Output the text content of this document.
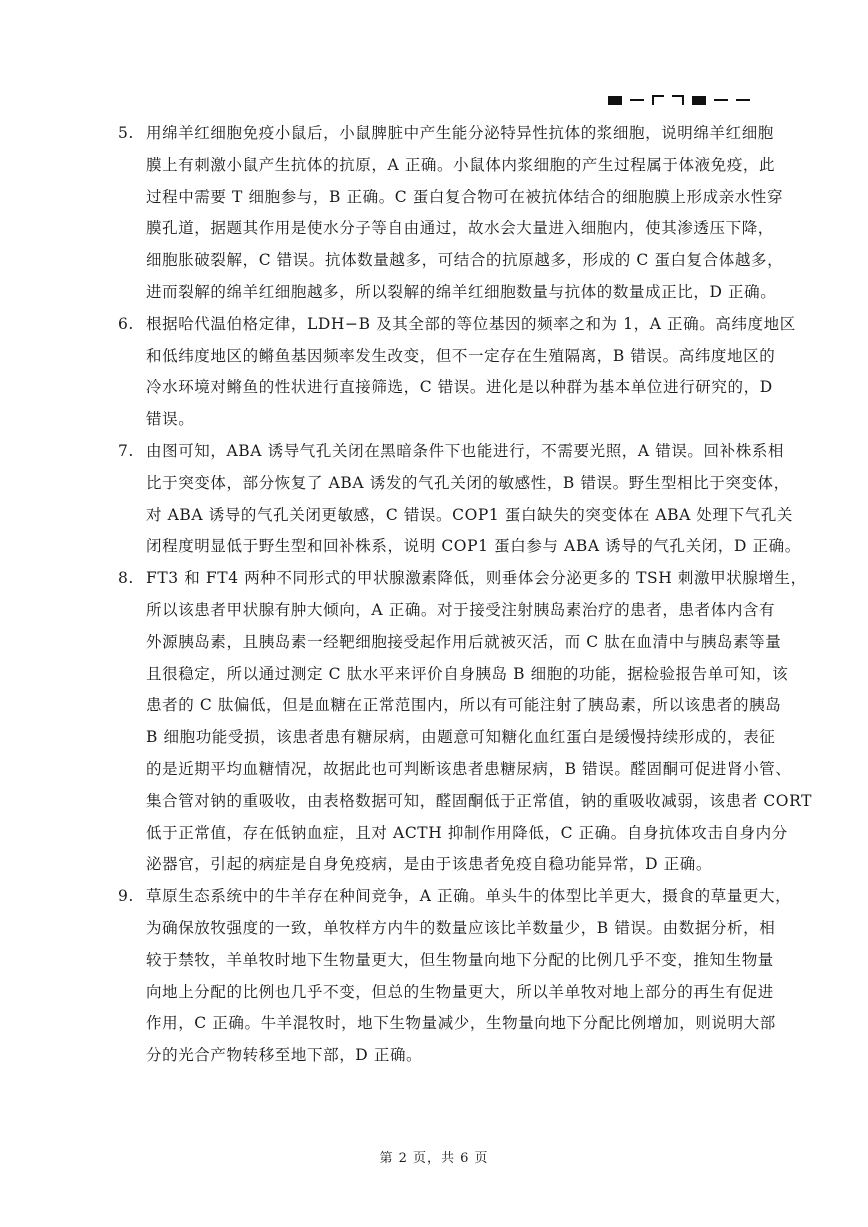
5. 用绵羊红细胞免疫小鼠后，小鼠脾脏中产生能分泌特异性抗体的浆细胞，说明绵羊红细胞
膜上有刺激小鼠产生抗体的抗原，A 正确。小鼠体内浆细胞的产生过程属于体液免疫，此
过程中需要 T 细胞参与，B 正确。C 蛋白复合物可在被抗体结合的细胞膜上形成亲水性穿
膜孔道，据题其作用是使水分子等自由通过，故水会大量进入细胞内，使其渗透压下降，
细胞胀破裂解，C 错误。抗体数量越多，可结合的抗原越多，形成的 C 蛋白复合体越多，
进而裂解的绵羊红细胞越多，所以裂解的绵羊红细胞数量与抗体的数量成正比，D 正确。
6. 根据哈代温伯格定律，LDH−B 及其全部的等位基因的频率之和为 1，A 正确。高纬度地区
和低纬度地区的鳉鱼基因频率发生改变，但不一定存在生殖隔离，B 错误。高纬度地区的
冷水环境对鳉鱼的性状进行直接筛选，C 错误。进化是以种群为基本单位进行研究的，D
错误。
7. 由图可知，ABA 诱导气孔关闭在黑暗条件下也能进行，不需要光照，A 错误。回补株系相
比于突变体，部分恢复了 ABA 诱发的气孔关闭的敏感性，B 错误。野生型相比于突变体，
对 ABA 诱导的气孔关闭更敏感，C 错误。COP1 蛋白缺失的突变体在 ABA 处理下气孔关
闭程度明显低于野生型和回补株系，说明 COP1 蛋白参与 ABA 诱导的气孔关闭，D 正确。
8. FT3 和 FT4 两种不同形式的甲状腺激素降低，则垂体会分泌更多的 TSH 刺激甲状腺增生，
所以该患者甲状腺有肿大倾向，A 正确。对于接受注射胰岛素治疗的患者，患者体内含有
外源胰岛素，且胰岛素一经靶细胞接受起作用后就被灭活，而 C 肽在血清中与胰岛素等量
且很稳定，所以通过测定 C 肽水平来评价自身胰岛 B 细胞的功能，据检验报告单可知，该
患者的 C 肽偏低，但是血糖在正常范围内，所以有可能注射了胰岛素，所以该患者的胰岛
B 细胞功能受损，该患者患有糖尿病，由题意可知糖化血红蛋白是缓慢持续形成的，表征
的是近期平均血糖情况，故据此也可判断该患者患糖尿病，B 错误。醛固酮可促进肾小管、
集合管对钠的重吸收，由表格数据可知，醛固酮低于正常值，钠的重吸收减弱，该患者 CORT
低于正常值，存在低钠血症，且对 ACTH 抑制作用降低，C 正确。自身抗体攻击自身内分
泌器官，引起的病症是自身免疫病，是由于该患者免疫自稳功能异常，D 正确。
9. 草原生态系统中的牛羊存在种间竞争，A 正确。单头牛的体型比羊更大，摄食的草量更大，
为确保放牧强度的一致，单牧样方内牛的数量应该比羊数量少，B 错误。由数据分析，相
较于禁牧，羊单牧时地下生物量更大，但生物量向地下分配的比例几乎不变，推知生物量
向地上分配的比例也几乎不变，但总的生物量更大，所以羊单牧对地上部分的再生有促进
作用，C 正确。牛羊混牧时，地下生物量减少，生物量向地下分配比例增加，则说明大部
分的光合产物转移至地下部，D 正确。
第 2 页，共 6 页
